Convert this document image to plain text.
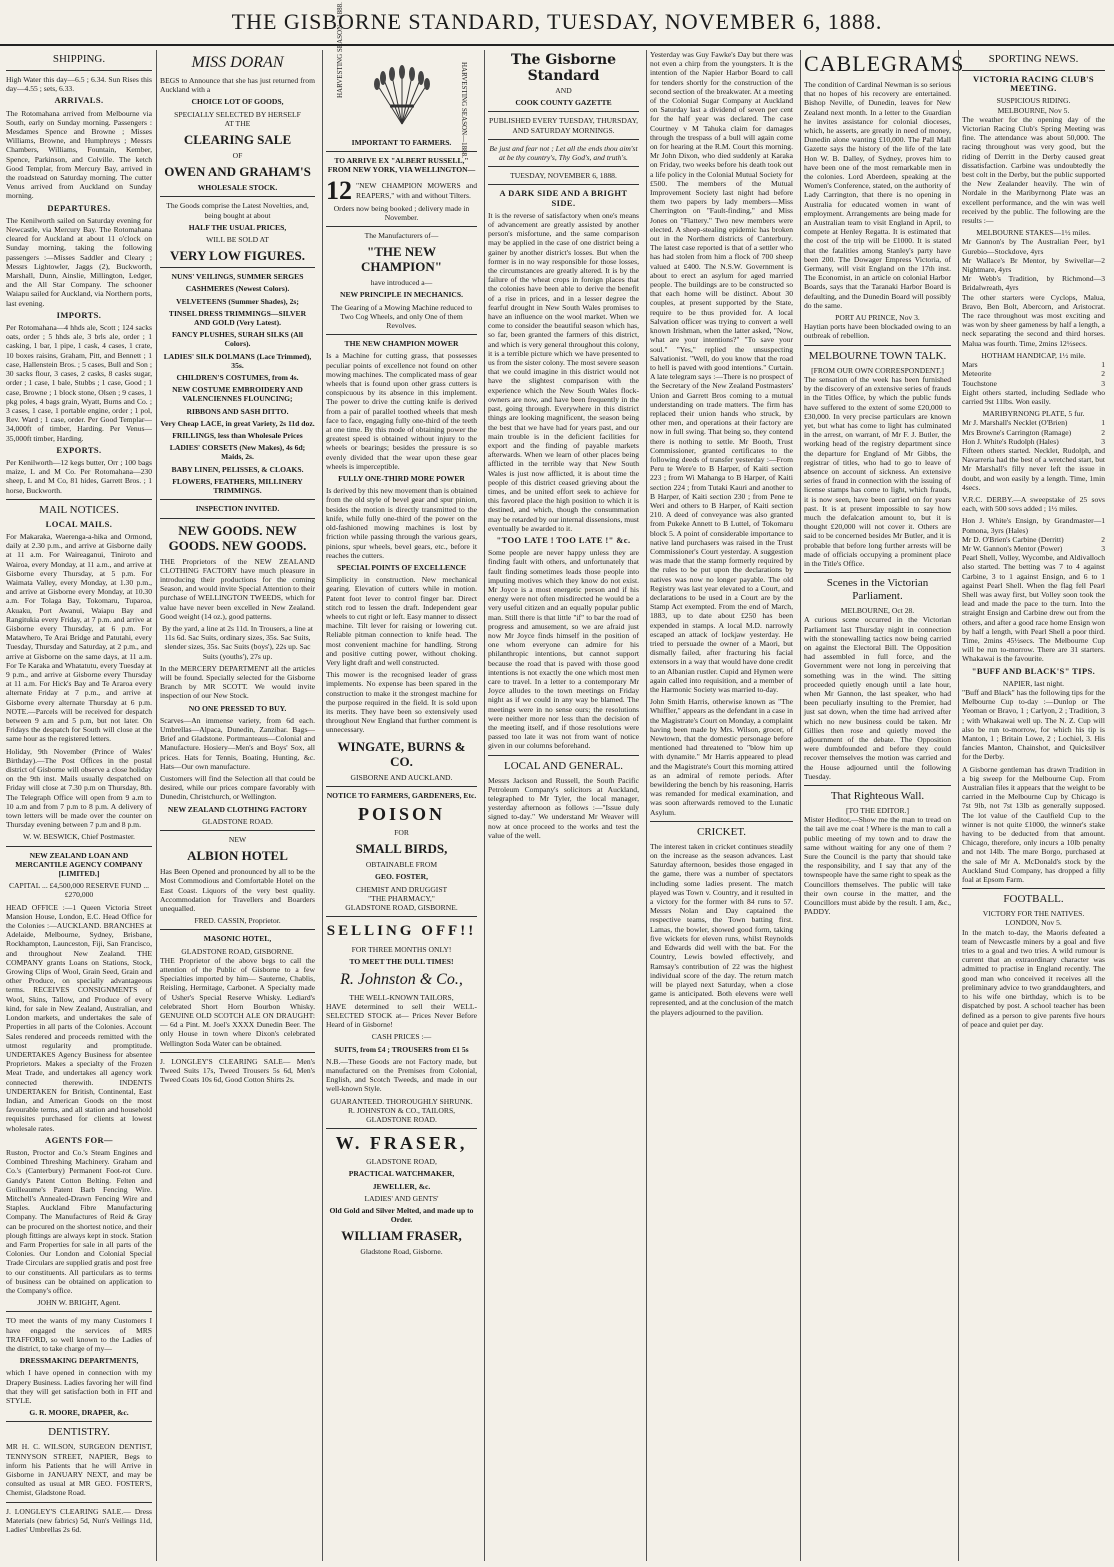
THE GISBORNE STANDARD, TUESDAY, NOVEMBER 6, 1888.
SHIPPING.

High Water this day—6.5 ; 6.34. Sun Rises this day—4.55 ; sets, 6.33.

ARRIVALS.

The Rotomahana arrived from Melbourne via South, early on Sunday morning. Passengers : Mesdames Spence and Browne ; Misses Williams, Browne, and Humphreys ; Messrs Chambers, Williams, Fountain, Kember, Spence, Parkinson, and Colville. The ketch Good Templar, from Mercury Bay, arrived in the roadstead on Saturday morning. The cutter Venus arrived from Auckland on Sunday morning.

DEPARTURES.

The Kenilworth sailed on Saturday evening for Newcastle, via Mercury Bay. The Rotomahana cleared for Auckland at about 11 o'clock on Sunday morning, taking the following passengers :—Misses Saddler and Cleary ; Messrs Lightowler, Jaggs (2), Buckworth, Marshall, Dunn, Ainslie, Millington, Ledger, and the All Star Company. The schooner Waiapu sailed for Auckland, via Northern ports, last evening.

IMPORTS.

Per Rotomahana—4 hhds ale, Scott ; 124 sacks oats, order ; 5 hhds ale, 3 brls ale, order ; 1 casking, 1 bar, 1 pipe, 1 cask, 4 cases, 1 crate, 10 boxes raisins, Graham, Pitt, and Bennett ; 1 case, Hallenstein Bros. ; 5 cases, Bull and Son ; 30 sacks flour, 3 cases, 2 casks, 8 casks sugar, order ; 1 case, 1 bale, Stubbs ; 1 case, Good ; 1 case, Browne ; 1 block stone, Olsen ; 9 cases, 1 pkg poles, 4 bags grain, Wyatt, Burns and Co. ; 3 cases, 1 case, 1 portable engine, order ; 1 pol, Rev. Ward ; 1 case, order. Per Good Templar—34,000ft of timber, Harding. Per Venus—35,000ft timber, Harding.

EXPORTS.

Per Kenilworth—12 kegs butter, Orr ; 100 bags maize, L and M Co. Per Rotomahana—230 sheep, L and M Co, 81 hides, Garrett Bros. ; 1 horse, Buckworth.

MAIL NOTICES.
LOCAL MAILS.

For Makaraka, Waerenga-a-hika and Ormond, daily at 2.30 p.m., and arrive at Gisborne daily at 11 a.m. For Waireaganui, Tiniroto and Wairoa, every Monday, at 11 a.m., and arrive at Gisborne every Thursday, at 5 p.m. For Waimata Valley, every Monday, at 1.30 p.m., and arrive at Gisborne every Monday, at 10.30 a.m. For Tolaga Bay, Tokomaru, Tuparoa, Akuaku, Port Awanui, Waiapu Bay and Rangitukia every Friday, at 7 p.m. and arrive at Gisborne every Thursday, at 6 p.m. For Matawhero, Te Arai Bridge and Patutahi, every Tuesday, Thursday and Saturday, at 2 p.m., and arrive at Gisborne on the same days, at 11 a.m. For Te Karaka and Whatatutu, every Tuesday at 9 p.m., and arrive at Gisborne every Thursday at 11 a.m. For Hick's Bay and Te Araroa every alternate Friday at 7 p.m., and arrive at Gisborne every alternate Thursday at 6 p.m. NOTE.—Parcels will be received for despatch between 9 a.m and 5 p.m, but not later. On Fridays the despatch for South will close at the same hour as the registered letters.

Holiday, 9th November (Prince of Wales' Birthday).—The Post Offices in the postal district of Gisborne will observe a close holiday on the 9th inst. Mails usually despatched on Friday will close at 7.30 p.m on Thursday, 8th. The Telegraph Office will open from 9 a.m to 10 a.m and from 7 p.m to 8 p.m. A delivery of town letters will be made over the counter on Thursday evening between 7 p.m and 8 p.m.

W. W. BESWICK, Chief Postmaster.

NEW ZEALAND LOAN AND MERCANTILE AGENCY COMPANY [LIMITED.]

CAPITAL ... £4,500,000 RESERVE FUND ... £270,000

HEAD OFFICE :—1 Queen Victoria Street Mansion House, London, E.C. Head Office for the Colonies :—AUCKLAND. BRANCHES at Adelaide, Melbourne, Sydney, Brisbane, Rockhampton, Launceston, Fiji, San Francisco, and throughout New Zealand. THE COMPANY grants Loans on Stations, Stock, Growing Clips of Wool, Grain Seed, Grain and other Produce, on specially advantageous terms. RECEIVES CONSIGNMENTS of Wool, Skins, Tallow, and Produce of every kind, for sale in New Zealand, Australian, and London markets, and undertakes the sale of Properties in all parts of the Colonies. Account Sales rendered and proceeds remitted with the utmost regularity and promptitude. UNDERTAKES Agency Business for absentee Proprietors. Makes a specialty of the Frozen Meat Trade, and undertakes all agency work connected therewith. INDENTS UNDERTAKEN for British, Continental, East Indian, and American Goods on the most favourable terms, and all station and household requisites purchased for clients at lowest wholesale rates.

AGENTS FOR—

Ruston, Proctor and Co.'s Steam Engines and Combined Threshing Machinery. Graham and Co.'s (Canterbury) Permanent Foot-rot Cure. Gandy's Patent Cotton Belting. Felten and Guilleaume's Patent Barb Fencing Wire. Mitchell's Annealed-Drawn Fencing Wire and Staples. Auckland Fibre Manufacturing Company. The Manufactures of Reid & Gray can be procured on the shortest notice, and their plough fittings are always kept in stock. Station and Farm Properties for sale in all parts of the Colonies. Our London and Colonial Special Trade Circulars are supplied gratis and post free to our constituents. All particulars as to terms of business can be obtained on application to the Company's office.

JOHN W. BRIGHT, Agent.

TO meet the wants of my many Customers I have engaged the services of MRS TRAFFORD, so well known to the Ladies of the district, to take charge of my—

DRESSMAKING DEPARTMENTS,

which I have opened in connection with my Drapery Business. Ladies favoring her will find that they will get satisfaction both in FIT and STYLE.

G. R. MOORE, DRAPER, &c.
DENTISTRY.

MR H. C. WILSON, SURGEON DENTIST, TENNYSON STREET, NAPIER, Begs to inform his Patients that he will Arrive in Gisborne in JANUARY NEXT, and may be consulted as usual at MR GEO. FOSTER'S, Chemist, Gladstone Road.

J. LONGLEY'S CLEARING SALE.— Dress Materials (new fabrics) 5d, Nun's Veilings 11d, Ladies' Umbrellas 2s 6d.

MISS DORAN

BEGS to Announce that she has just returned from Auckland with a

CHOICE LOT OF GOODS,
SPECIALLY SELECTED BY HERSELF
AT THE
CLEARING SALE
OF
OWEN AND GRAHAM'S
WHOLESALE STOCK.

The Goods comprise the Latest Novelties, and, being bought at about

HALF THE USUAL PRICES,
WILL BE SOLD AT
VERY LOW FIGURES.
NUNS' VEILINGS, SUMMER SERGES
CASHMERES (Newest Colors).
VELVETEENS (Summer Shades), 2s;
TINSEL DRESS TRIMMINGS—SILVER AND GOLD (Very Latest).
FANCY PLUSHES, SURAH SILKS (All Colors).
LADIES' SILK DOLMANS (Lace Trimmed), 35s.
CHILDREN'S COSTUMES, from 4s.
NEW COSTUME EMBROIDERY AND VALENCIENNES FLOUNCING;
RIBBONS AND SASH DITTO.
Very Cheap LACE, in great Variety, 2s 11d doz.
FRILLINGS, less than Wholesale Prices
LADIES' CORSETS (New Makes), 4s 6d; Maids, 2s.
BABY LINEN, PELISSES, & CLOAKS.
FLOWERS, FEATHERS, MILLINERY TRIMMINGS.
INSPECTION INVITED.
NEW GOODS. NEW GOODS. NEW GOODS.

THE Proprietors of the NEW ZEALAND CLOTHING FACTORY have much pleasure in introducing their productions for the coming Season, and would invite Special Attention to their purchase of WELLINGTON TWEEDS, which for value have never been excelled in New Zealand. Good weight (14 oz.), good patterns.

By the yard, a line at 2s 11d. In Trousers, a line at 11s 6d. Sac Suits, ordinary sizes, 35s. Sac Suits, slender sizes, 35s. Sac Suits (boys'), 22s up. Sac Suits (youths'), 27s up.

In the MERCERY DEPARTMENT all the articles will be found. Specially selected for the Gisborne Branch by MR SCOTT. We would invite inspection of our New Stock.

NO ONE PRESSED TO BUY.

Scarves—An immense variety, from 6d each. Umbrellas—Alpaca, Dunedin, Zanzibar. Bags—Brief and Gladstone. Portmanteaus—Colonial and Manufacture. Hosiery—Men's and Boys' Sox, all prices. Hats for Tennis, Boating, Hunting, &c. Hats—Our own manufacture.

Customers will find the Selection all that could be desired, while our prices compare favorably with Dunedin, Christchurch, or Wellington.

NEW ZEALAND CLOTHING FACTORY
GLADSTONE ROAD.
NEW
ALBION HOTEL

Has Been Opened and pronounced by all to be the Most Commodious and Comfortable Hotel on the East Coast. Liquors of the very best quality. Accommodation for Travellers and Boarders unequalled.

FRED. CASSIN, Proprietor.

MASONIC HOTEL,
GLADSTONE ROAD, GISBORNE.

THE Proprietor of the above begs to call the attention of the Public of Gisborne to a few Specialties imported by him— Sauterne, Chablis, Reisling, Hermitage, Carbonet. A Specialty made of Usher's Special Reserve Whisky. Lediard's celebrated Short Horn Bourbon Whisky. GENUINE OLD SCOTCH ALE ON DRAUGHT:— 6d a Pint. M. Joel's XXXX Dunedin Beer. The only House in town where Dixon's celebrated Wellington Soda Water can be obtained.

J. LONGLEY'S CLEARING SALE— Men's Tweed Suits 17s, Tweed Trousers 5s 6d, Men's Tweed Coats 10s 6d, Good Cotton Shirts 2s.

HARVESTING SEASON—1888.
HARVESTING SEASON—1888.
IMPORTANT TO FARMERS.
TO ARRIVE EX "ALBERT RUSSELL," FROM NEW YORK, VIA WELLINGTON—
12 "NEW CHAMPION MOWERS and REAPERS," with and without Tilters.

Orders now being booked ; delivery made in November.

The Manufacturers of—
"THE NEW CHAMPION"
have introduced a—
NEW PRINCIPLE IN MECHANICS.

The Gearing of a Mowing Machine reduced to Two Cog Wheels, and only One of them Revolves.

THE NEW CHAMPION MOWER

Is a Machine for cutting grass, that possesses peculiar points of excellence not found on other mowing machines. The complicated mass of gear wheels that is found upon other grass cutters is conspicuous by its absence in this implement. The power to drive the cutting knife is derived from a pair of parallel toothed wheels that mesh face to face, engaging fully one-third of the teeth at one time. By this mode of obtaining power the greatest speed is obtained without injury to the wheels or bearings; besides the pressure is so evenly divided that the wear upon these gear wheels is imperceptible.

FULLY ONE-THIRD MORE POWER

Is derived by this new movement than is obtained from the old style of bevel gear and spur pinion, besides the motion is directly transmitted to the knife, while fully one-third of the power on the old-fashioned mowing machines is lost by friction while passing through the various gears, pinions, spur wheels, bevel gears, etc., before it reaches the cutters.

SPECIAL POINTS OF EXCELLENCE

Simplicity in construction. New mechanical gearing. Elevation of cutters while in motion. Patent foot lever to control finger bar. Direct stitch rod to lessen the draft. Independent gear wheels to cut right or left. Easy manner to dissect machine. Tilt lever for raising or lowering cut. Reliable pitman connection to knife head. The most convenient machine for handling. Strong and positive cutting power, without choking. Very light draft and well constructed.

This mower is the recognised leader of grass implements. No expense has been spared in the construction to make it the strongest machine for the purpose required in the field. It is sold upon its merits. They have been so extensively used throughout New England that further comment is unnecessary.

WINGATE, BURNS & CO.
GISBORNE AND AUCKLAND.
NOTICE TO FARMERS, GARDENERS, Etc.
POISON
FOR
SMALL BIRDS,
OBTAINABLE FROM
GEO. FOSTER,
CHEMIST AND DRUGGIST
"THE PHARMACY,"
GLADSTONE ROAD, GISBORNE.
SELLING OFF!!
FOR THREE MONTHS ONLY!
TO MEET THE DULL TIMES!
R. Johnston & Co.,
THE WELL-KNOWN TAILORS,

HAVE determined to sell their WELL-SELECTED STOCK at— Prices Never Before Heard of in Gisborne!

CASH PRICES :—
SUITS, from £4 ; TROUSERS from £1 5s

N.B.—These Goods are not Factory made, but manufactured on the Premises from Colonial, English, and Scotch Tweeds, and made in our well-known Style.

GUARANTEED. THOROUGHLY SHRUNK.

R. JOHNSTON & CO., TAILORS, GLADSTONE ROAD.

W. FRASER,
GLADSTONE ROAD,
PRACTICAL WATCHMAKER,
JEWELLER, &c.
LADIES' AND GENTS'
Old Gold and Silver Melted, and made up to Order.
WILLIAM FRASER,
Gladstone Road, Gisborne.
The Gisborne Standard
AND
COOK COUNTY GAZETTE
PUBLISHED EVERY TUESDAY, THURSDAY, AND SATURDAY MORNINGS.
Be just and fear not ; Let all the ends thou aim'st at be thy country's, Thy God's, and truth's.
TUESDAY, NOVEMBER 6, 1888.
A DARK SIDE AND A BRIGHT SIDE.

It is the reverse of satisfactory when one's means of advancement are greatly assisted by another person's misfortune, and the same comparison may be applied in the case of one district being a gainer by another district's losses. But when the former is in no way responsible for those losses, the circumstances are greatly altered. It is by the failure of the wheat crops in foreign places that the colonies have been able to derive the benefit of a rise in prices, and in a lesser degree the fearful drought in New South Wales promises to have an influence on the wool market. When we come to consider the beautiful season which has, so far, been granted the farmers of this district, and which is very general throughout this colony, it is a terrible picture which we have presented to us from the sister colony. The most severe season that we could imagine in this district would not have the slightest comparison with the experience which the New South Wales flock-owners are now, and have been frequently in the past, going through. Everywhere in this district things are looking magnificent, the season being the best that we have had for years past, and our main trouble is in the deficient facilities for export and the finding of payable markets afterwards. When we learn of other places being afflicted in the terrible way that New South Wales is just now afflicted, it is about time the people of this district ceased grieving about the times, and be united effort seek to achieve for this favored place the high position to which it is destined, and which, though the consummation may be retarded by our internal dissensions, must eventually be awarded to it.

"TOO LATE ! TOO LATE !" &c.

Some people are never happy unless they are finding fault with others, and unfortunately that fault finding sometimes leads those people into imputing motives which they know do not exist. Mr Joyce is a most energetic person and if his energy were not often misdirected he would be a very useful citizen and an equally popular public man. Still there is that little "if" to bar the road of progress and amusement, so we are afraid just now Mr Joyce finds himself in the position of one whom everyone can admire for his philanthropic intentions, but cannot support because the road that is paved with those good intentions is not exactly the one which most men care to travel. In a letter to a contemporary Mr Joyce alludes to the town meetings on Friday night as if we could in any way be blamed. The meetings were in no sense ours; the resolutions were neither more nor less than the decision of the meeting itself, and if those resolutions were passed too late it was not from want of notice given in our columns beforehand.

LOCAL AND GENERAL.

Messrs Jackson and Russell, the South Pacific Petroleum Company's solicitors at Auckland, telegraphed to Mr Tyler, the local manager, yesterday afternoon as follows :—"Issue duly signed to-day." We understand Mr Weaver will now at once proceed to the works and test the value of the well.

Yesterday was Guy Fawke's Day but there was not even a chirp from the youngsters. It is the intention of the Napier Harbor Board to call for tenders shortly for the construction of the second section of the breakwater. At a meeting of the Colonial Sugar Company at Auckland on Saturday last a dividend of seven per cent for the half year was declared. The case Courtney v M Tahuka claim for damages through the trespass of a bull will again come on for hearing at the R.M. Court this morning. Mr John Dixon, who died suddenly at Karaka on Friday, two weeks before his death took out a life policy in the Colonial Mutual Society for £500. The members of the Mutual Improvement Society last night had before them two papers by lady members—Miss Cherrington on "Fault-finding," and Miss Jones on "Flattery." Two new members were elected. A sheep-stealing epidemic has broken out in the Northern districts of Canterbury. The latest case reported is that of a settler who has had stolen from him a flock of 700 sheep valued at £400. The N.S.W. Government is about to erect an asylum for aged married people. The buildings are to be constructed so that each home will be distinct. About 30 couples, at present supported by the State, require to be thus provided for. A local Salvation officer was trying to convert a well known Irishman, when the latter asked, "Now, what are your intentions?" "To save your soul." "Yes," replied the unsuspecting Salvationist. "Well, do you know that the road to hell is paved with good intentions." Curtain. A late telegram says :—There is no prospect of the Secretary of the New Zealand Postmasters' Union and Garrett Bros coming to a mutual understanding on trade matters. The firm has replaced their union hands who struck, by other men, and operations at their factory are now in full swing. That being so, they contend there is nothing to settle. Mr Booth, Trust Commissioner, granted certificates to the following deeds of transfer yesterday :—From Peru te Were'e to B Harper, of Kaiti section 223 ; from Wi Mahanga to B Harper, of Kaiti section 224 ; from Tutaki Kauri and another to B Harper, of Kaiti section 230 ; from Pene te Weri and others to B Harper, of Kaiti section 210. A deed of conveyance was also granted from Pukeke Annett to B Luttel, of Tokomaru block 5. A point of considerable importance to native land purchasers was raised in the Trust Commissioner's Court yesterday. A suggestion was made that the stamp formerly required by the rules to be put upon the declarations by natives was now no longer payable. The old Registry was last year elevated to a Court, and declarations to be used in a Court are by the Stamp Act exempted. From the end of March, 1883, up to date about £250 has been expended in stamps. A local M.D. narrowly escaped an attack of lockjaw yesterday. He tried to persuade the owner of a Maori, but dismally failed, after fracturing his facial extensors in a way that would have done credit to an Albanian rustler. Cupid and Hymen were again called into requisition, and a member of the Harmonic Society was married to-day.

John Smith Harris, otherwise known as "The Whiffler," appears as the defendant in a case in the Magistrate's Court on Monday, a complaint having been made by Mrs. Wilson, grocer, of Newtown, that the domestic personage before mentioned had threatened to "blow him up with dynamite." Mr Harris appeared to plead and the Magistrate's Court this morning attired as an admiral of remote periods. After bewildering the bench by his reasoning, Harris was remanded for medical examination, and was soon afterwards removed to the Lunatic Asylum.

CRICKET.

The interest taken in cricket continues steadily on the increase as the season advances. Last Saturday afternoon, besides those engaged in the game, there was a number of spectators including some ladies present. The match played was Town v. Country, and it resulted in a victory for the former with 84 runs to 57. Messrs Nolan and Day captained the respective teams, the Town batting first. Lamas, the bowler, showed good form, taking five wickets for eleven runs, whilst Reynolds and Edwards did well with the bat. For the Country, Lewis bowled effectively, and Ramsay's contribution of 22 was the highest individual score of the day. The return match will be played next Saturday, when a close game is anticipated. Both elevens were well represented, and at the conclusion of the match the players adjourned to the pavilion.

CABLEGRAMS

The condition of Cardinal Newman is so serious that no hopes of his recovery are entertained. Bishop Neville, of Dunedin, leaves for New Zealand next month. In a letter to the Guardian he invites assistance for colonial dioceses, which, he asserts, are greatly in need of money, Dunedin alone wanting £10,000. The Pall Mall Gazette says the history of the life of the late Hon W. B. Dalley, of Sydney, proves him to have been one of the most remarkable men in the colonies. Lord Aberdeen, speaking at the Women's Conference, stated, on the authority of Lady Carrington, that there is no opening in Australia for educated women in want of employment. Arrangements are being made for an Australian team to visit England in April, to compete at Henley Regatta. It is estimated that the cost of the trip will be £1000. It is stated that the fatalities among Stanley's party have been 200. The Dowager Empress Victoria, of Germany, will visit England on the 17th inst. The Economist, in an article on colonial Harbor Boards, says that the Taranaki Harbor Board is defaulting, and the Dunedin Board will possibly do the same.

PORT AU PRINCE, Nov 3.

Haytian ports have been blockaded owing to an outbreak of rebellion.

MELBOURNE TOWN TALK.
[FROM OUR OWN CORRESPONDENT.]

The sensation of the week has been furnished by the discovery of an extensive series of frauds in the Titles Office, by which the public funds have suffered to the extent of some £20,000 to £30,000. In very precise particulars are known yet, but what has come to light has culminated in the arrest, on warrant, of Mr F. J. Butler, the working head of the registry department since the departure for England of Mr Gibbs, the registrar of titles, who had to go to leave of absence on account of sickness. An extensive series of fraud in connection with the issuing of license stamps has come to light, which frauds, it is now seen, have been carried on for years past. It is at present impossible to say how much the defalcation amount to, but it is thought £20,000 will not cover it. Others are said to be concerned besides Mr Butler, and it is probable that before long further arrests will be made of officials occupying a prominent place in the Title's Office.

Scenes in the Victorian Parliament.
MELBOURNE, Oct 28.

A curious scene occurred in the Victorian Parliament last Thursday night in connection with the stonewalling tactics now being carried on against the Electoral Bill. The Opposition had assembled in full force, and the Government were not long in perceiving that something was in the wind. The sitting proceeded quietly enough until a late hour, when Mr Gannon, the last speaker, who had been peculiarly insulting to the Premier, had just sat down, when the time had arrived after which no new business could be taken. Mr Gillies then rose and quietly moved the adjournment of the debate. The Opposition were dumbfounded and before they could recover themselves the motion was carried and the House adjourned until the following Tuesday.

That Righteous Wall.
[TO THE EDITOR.]

Mister Heditor,—Show me the man to tread on the tail ave me coat ! Where is the man to call a public meeting of my town and to draw the same without waiting for any one of them ? Sure the Council is the party that should take the responsibility, and I say that any of the townspeople have the same right to speak as the Councillors themselves. The public will take their own course in the matter, and the Councillors must abide by the result. I am, &c., PADDY.

SPORTING NEWS.
VICTORIA RACING CLUB'S MEETING.
SUSPICIOUS RIDING.
MELBOURNE, Nov 5.

The weather for the opening day of the Victorian Racing Club's Spring Meeting was fine. The attendance was about 50,000. The racing throughout was very good, but the riding of Derritt in the Derby caused great dissatisfaction. Carbine was undoubtedly the best colt in the Derby, but the public supported the New Zealander heavily. The win of Nordale in the Maribyrnong Plate was an excellent performance, and the win was well received by the public. The following are the results :—

MELBOURNE STAKES—1½ miles.
Mr Gannon's by The Australian Peer, by Gurebio—Stockdove, 4yrs
1
Mr Wallace's Br Mentor, by Swivellar—Nightmare, 4yrs
2
Mr Webb's Tradition, by Richmond—Bridalwreath, 4yrs
3

The other starters were Cyclops, Malua, Bravo, Ben Bolt, Abercorn, and Aristocrat. The race throughout was most exciting and was won by sheer gameness by half a length, a neck separating the second and third horses. Malua was fourth. Time, 2mins 12½secs.

HOTHAM HANDICAP, 1½ mile.
Mars	1
Meteorite	2
Touchstone	3

Eight others started, including Sedlade who carried 9st 11lbs. Won easily.

MARIBYRNONG PLATE, 5 fur.
Mr J. Marshall's Necklet (O'Brien)	1
Mrs Browne's Carrington (Ramage)	2
Hon J. White's Rudolph (Hales)	3

Fifteen others started. Necklet, Rudolph, and Navarreria had the best of a wretched start, but Mr Marshall's filly never left the issue in doubt, and won easily by a length. Time, 1min 4secs.

V.R.C. DERBY.—A sweepstake of 25 sovs each, with 500 sovs added ; 1½ miles.

Hon J. White's Ensign, by Grandmaster—Pomona, 3yrs (Hales)
1
Mr D. O'Brien's Carbine (Derritt)	2
Mr W. Gannon's Mentor (Power)	3

Pearl Shell, Volley, Wycombe, and Aldivalloch also started. The betting was 7 to 4 against Carbine, 3 to 1 against Ensign, and 6 to 1 against Pearl Shell. When the flag fell Pearl Shell was away first, but Volley soon took the lead and made the pace to the turn. Into the straight Ensign and Carbine drew out from the others, and after a good race home Ensign won by half a length, with Pearl Shell a poor third. Time, 2mins 45½secs. The Melbourne Cup will be run to-morrow. There are 31 starters. Whakawai is the favourite.

"BUFF AND BLACK'S" TIPS.
NAPIER, last night.

"Buff and Black" has the following tips for the Melbourne Cup to-day :—Dunlop or The Yeoman or Bravo, 1 ; Carlyon, 2 ; Tradition, 3 ; with Whakawai well up. The N. Z. Cup will also be run to-morrow, for which his tip is Manton, 1 ; Britain Lowe, 2 ; Lochiel, 3. His fancies Manton, Chainshot, and Quicksilver for the Derby.

A Gisborne gentleman has drawn Tradition in a big sweep for the Melbourne Cup. From Australian files it appears that the weight to be carried in the Melbourne Cup by Chicago is 7st 9lb, not 7st 13lb as generally supposed. The lot value of the Caulfield Cup to the winner is not quite £1000, the winner's stake having to be deducted from that amount. Chicago, therefore, only incurs a 10lb penalty and not 14lb. The mare Borgo, purchased at the sale of Mr A. McDonald's stock by the Auckland Stud Company, has dropped a filly foal at Epsom Farm.

FOOTBALL.
VICTORY FOR THE NATIVES.
LONDON, Nov 5.

In the match to-day, the Maoris defeated a team of Newcastle miners by a goal and five tries to a goal and two tries. A wild rumour is current that an extraordinary character was admitted to practise in England recently. The good man who conceived it receives all the preliminary advice to two granddaughters, and to his wife one birthday, which is to be dispatched by post. A school teacher has been defined as a person to give parents five hours of peace and quiet per day.
